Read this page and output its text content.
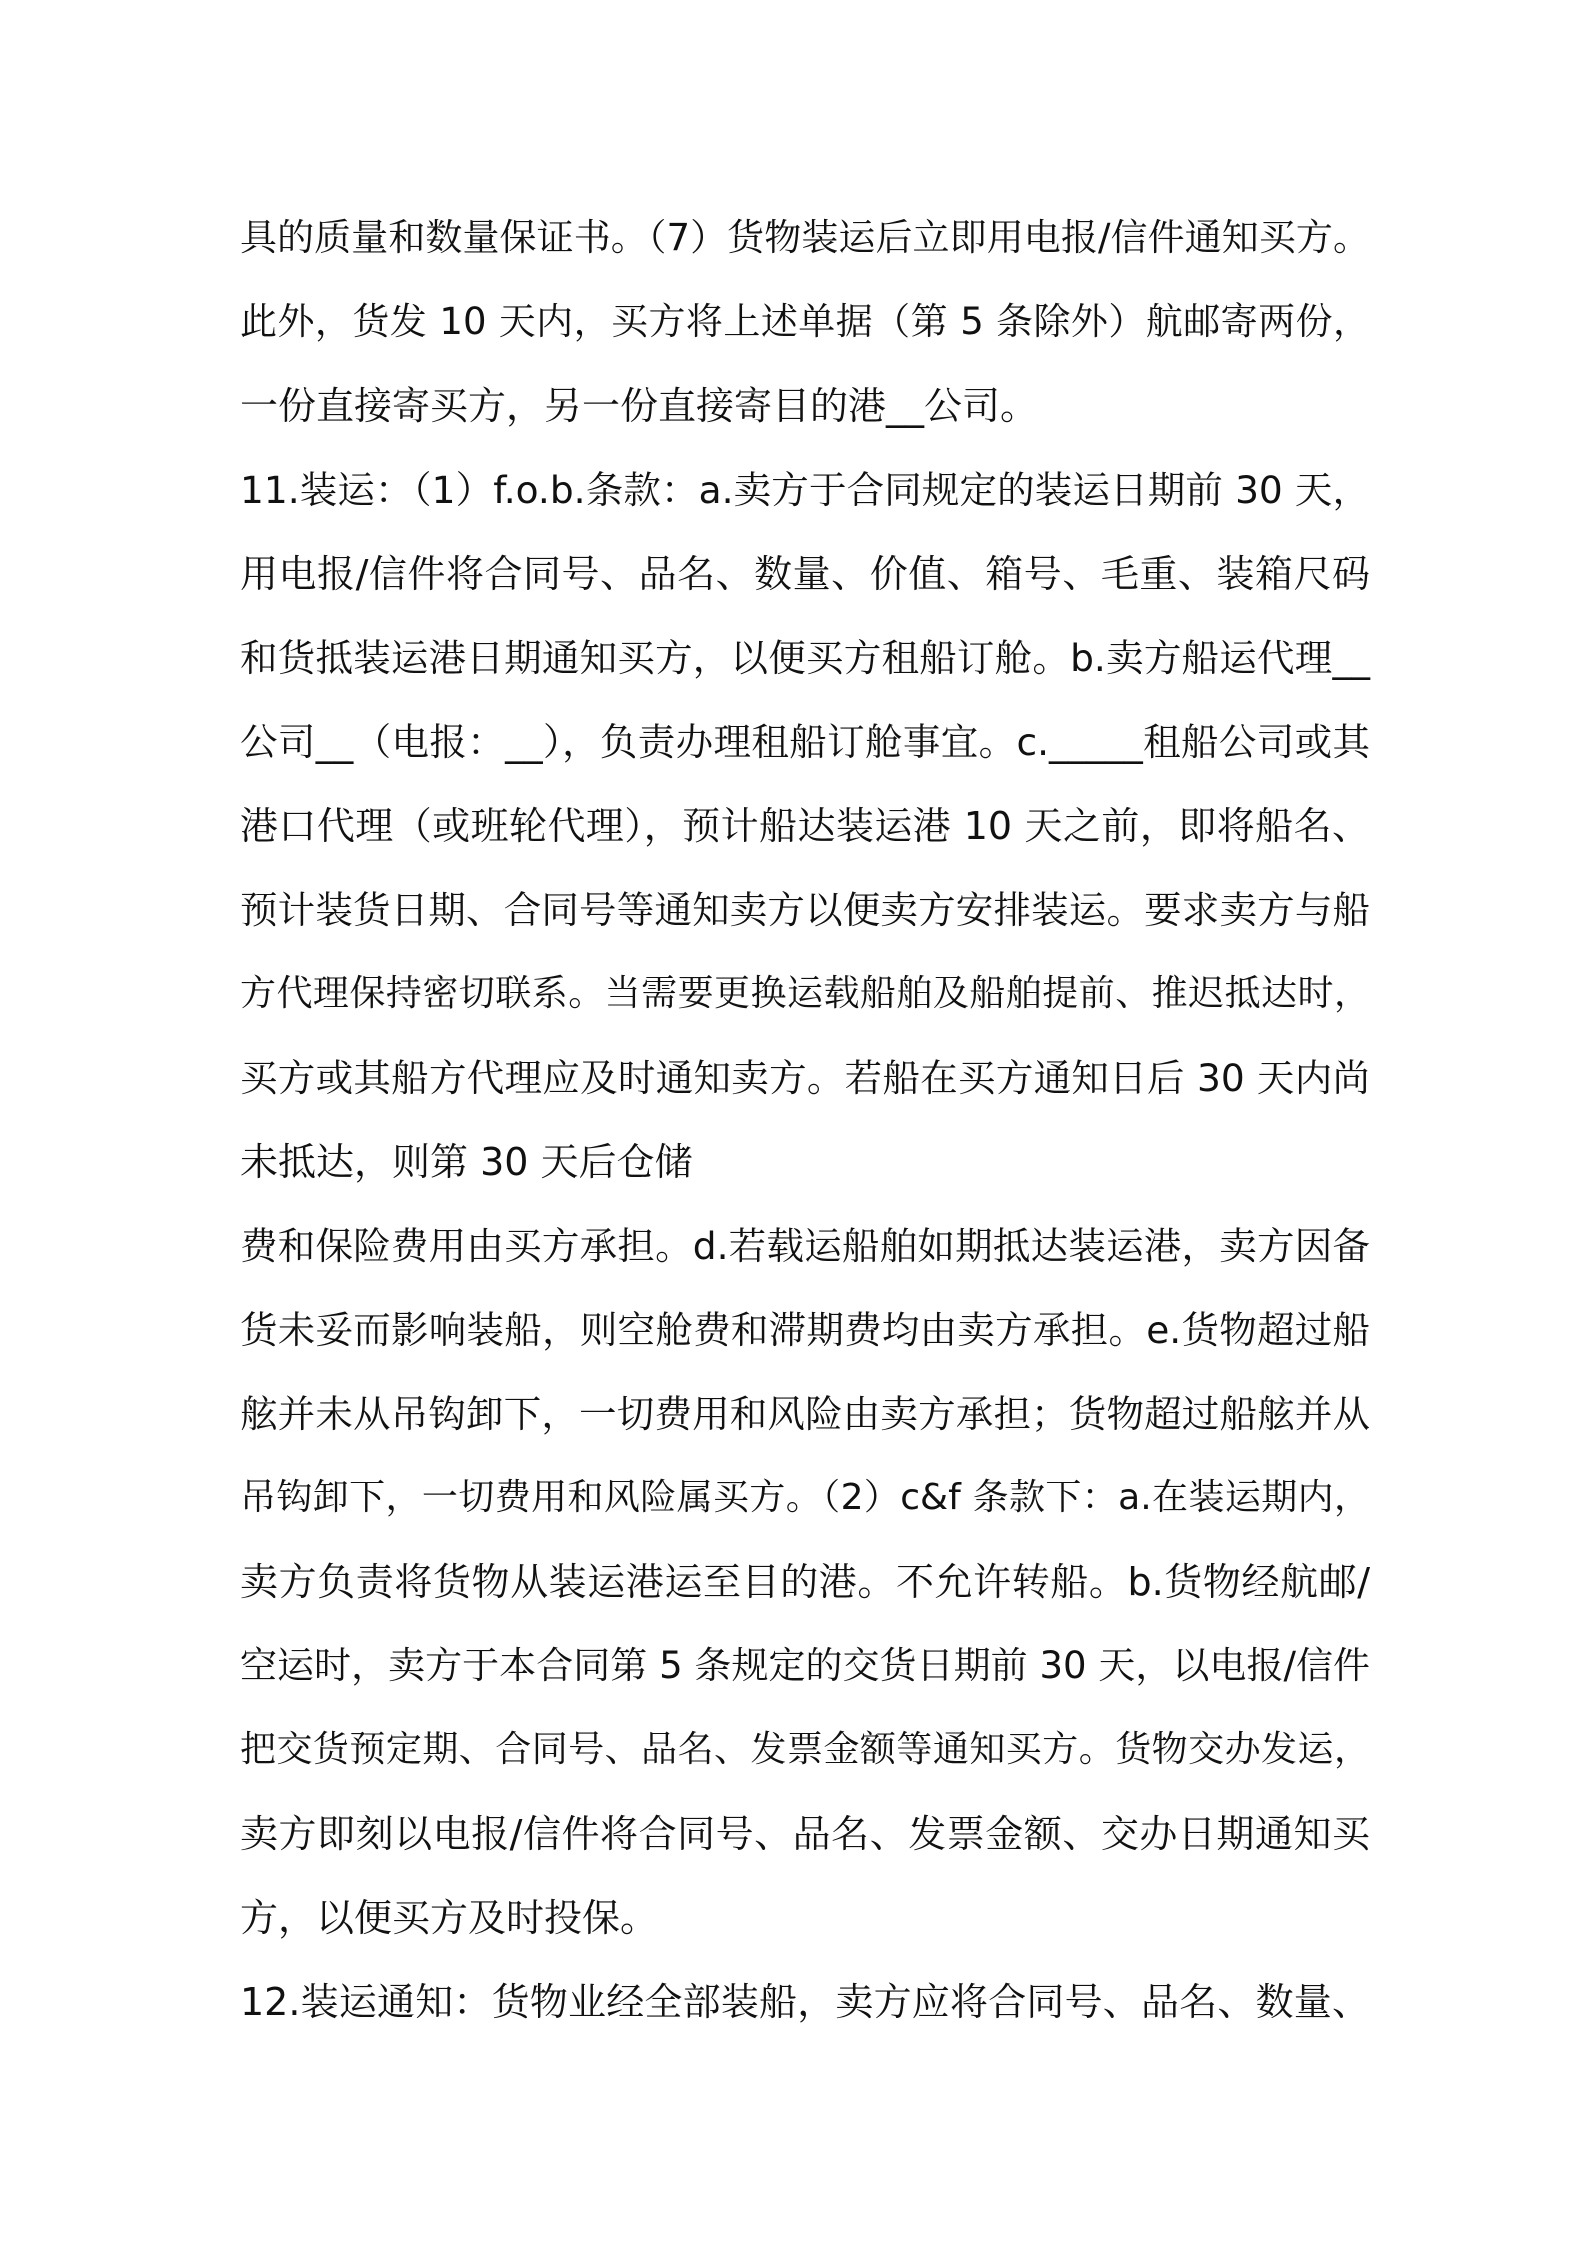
具的质量和数量保证书。（7）货物装运后立即用电报/信件通知买方。
此外，货发 10 天内，买方将上述单据（第 5 条除外）航邮寄两份，
一份直接寄买方，另一份直接寄目的港__公司。
11.装运：（1）f.o.b.条款：a.卖方于合同规定的装运日期前 30 天，
用电报/信件将合同号、品名、数量、价值、箱号、毛重、装箱尺码
和货抵装运港日期通知买方，以便买方租船订舱。b.卖方船运代理__
公司__（电报：__），负责办理租船订舱事宜。c._____租船公司或其
港口代理（或班轮代理），预计船达装运港 10 天之前，即将船名、
预计装货日期、合同号等通知卖方以便卖方安排装运。要求卖方与船
方代理保持密切联系。当需要更换运载船舶及船舶提前、推迟抵达时，
买方或其船方代理应及时通知卖方。若船在买方通知日后 30 天内尚
未抵达，则第 30 天后仓储
费和保险费用由买方承担。d.若载运船舶如期抵达装运港，卖方因备
货未妥而影响装船，则空舱费和滞期费均由卖方承担。e.货物超过船
舷并未从吊钩卸下，一切费用和风险由卖方承担；货物超过船舷并从
吊钩卸下，一切费用和风险属买方。（2）c&f 条款下：a.在装运期内，
卖方负责将货物从装运港运至目的港。不允许转船。b.货物经航邮/
空运时，卖方于本合同第 5 条规定的交货日期前 30 天，以电报/信件
把交货预定期、合同号、品名、发票金额等通知买方。货物交办发运，
卖方即刻以电报/信件将合同号、品名、发票金额、交办日期通知买
方，以便买方及时投保。
12.装运通知：货物业经全部装船，卖方应将合同号、品名、数量、
